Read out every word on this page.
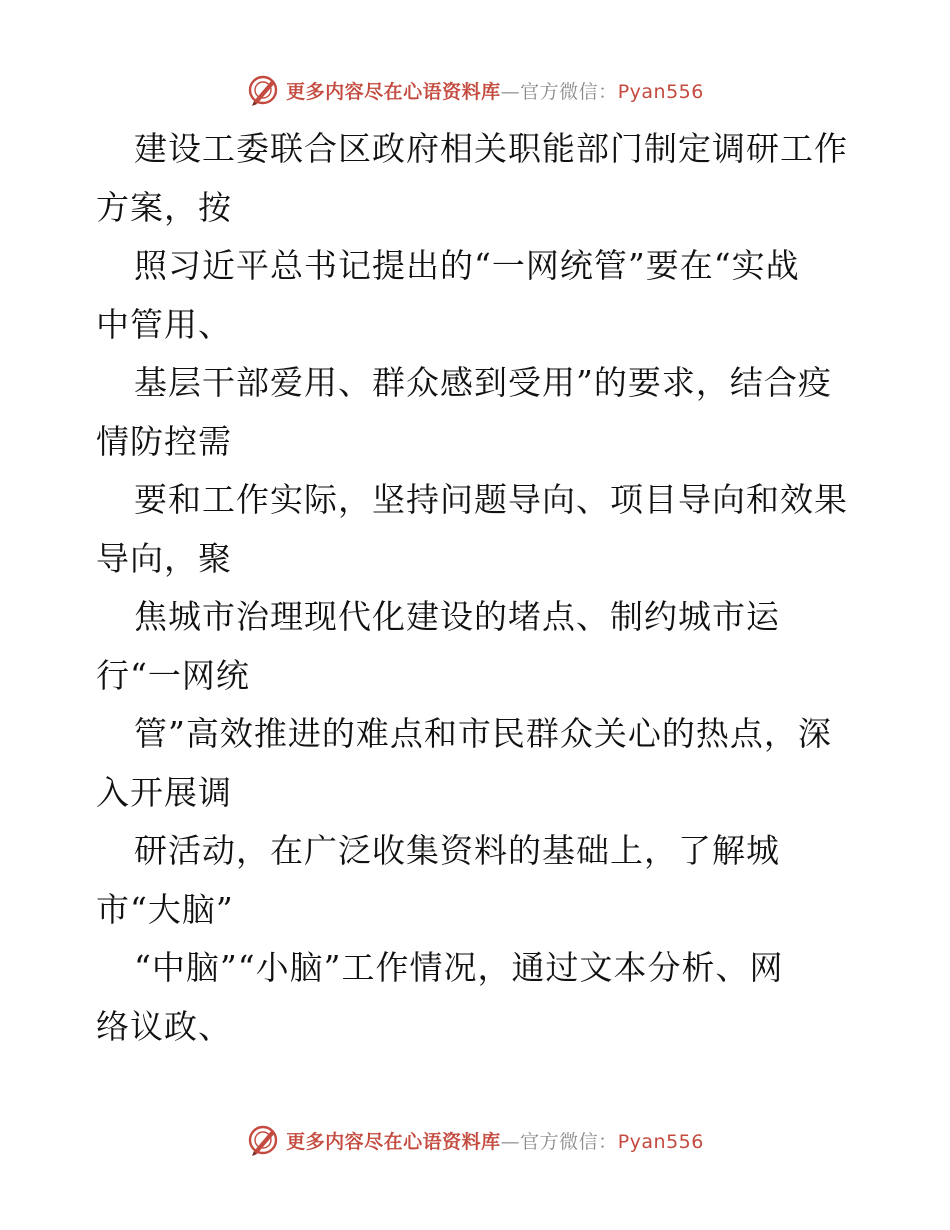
更多内容尽在心语资料库—官方微信：Pyan556
建设工委联合区政府相关职能部门制定调研工作
方案，按
照习近平总书记提出的“一网统管”要在“实战
中管用、
基层干部爱用、群众感到受用”的要求，结合疫
情防控需
要和工作实际，坚持问题导向、项目导向和效果
导向，聚
焦城市治理现代化建设的堵点、制约城市运
行“一网统
管”高效推进的难点和市民群众关心的热点，深
入开展调
研活动，在广泛收集资料的基础上，了解城
市“大脑”
“中脑”“小脑”工作情况，通过文本分析、网
络议政、
更多内容尽在心语资料库—官方微信：Pyan556
